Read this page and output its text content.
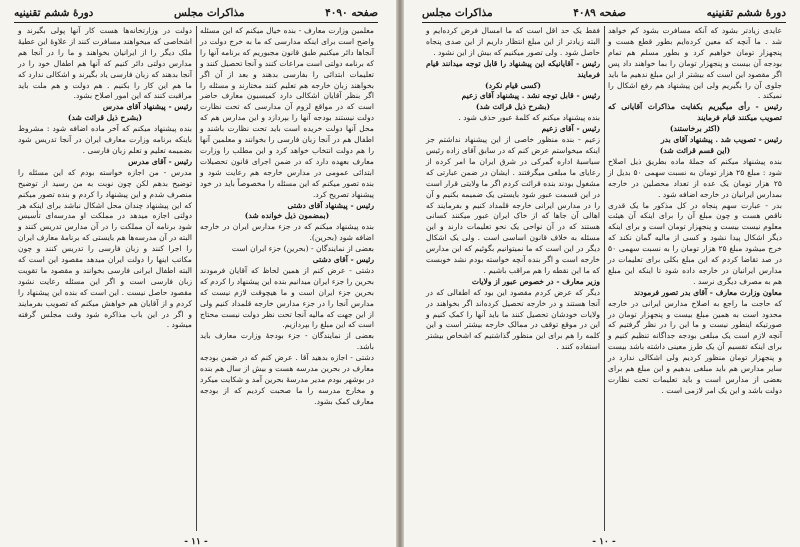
صفحه ۴۰۹۰
مذاکرات مجلس
دورهٔ ششم تقنینیه

معلمین وزارت معارف - بنده خیال میکنم که این مسئله واضح است برای اینکه مدارسی که ما به خرج دولت در آنجاها دائر میکنیم طبق قانون مجبوریم که برنامه آنها را که برنامه دولتی است مراعات کنند و آنجا تحصیل کنند و تعلیمات ابتدائی را بفارسی بدهند و بعد از آن اگر بخواهند زبان خارجه هم تعلیم کنند مختارند و مسئله را اگر بنظر آقایان اشکالی دارد کمیسیون معارف حاضر است که در مواقع لزوم آن مدارسی که تحت نظارت دولت نیستند بودجه آنها را بپردازد و این مدارس هم که محل آنها دولت خریده است باید تحت نظارت باشند و اطفال هم در آنجا زبان فارسی را بخوانند و معلمین آنها را هم دولت انتخاب خواهد کرد و این مطلب را وزارت معارف بعهده دارد که در ضمن اجرای قانون تحصیلات ابتدائی عمومی در مدارس خارجه هم رعایت شود و بنده تصور میکنم که این مسئله را مخصوصاً باید در خود پیشنهاد تصریح کرد.

رئیس - پیشنهاد آقای دشتی

(بمضمون ذیل خوانده شد)

بنده پیشنهاد میکنم که در جزء مدارس ایران در خارجه اضافه شود (بحرین).

بعضی از نمایندگان - (بحرین) جزء ایران است

رئیس - آقای دشتی

دشتی - عرض کنم از همین لحاظ که آقایان فرمودند بحرین را جزء ایران میدانیم بنده این پیشنهاد را کردم که بحرین جزء ایران است و ما هیچوقت لازم نیست که مدارس آنجا را در جزء مدارس خارجه قلمداد کنیم ولی از این جهت که مالیه آنجا تحت نظر دولت نیست محتاج است که این مبلغ را بپردازیم.

بعضی از نمایندگان - جزء بودجهٔ وزارت معارف باید باشد.

دشتی - اجازه بدهید آقا . عرض کنم که در ضمن بودجه معارف در بحرین مدرسه هست و بیش از سال هم بنده در بوشهر بودم مدیر مدرسهٔ بحرین آمد و شکایت میکرد و مخارج مدرسه را ما صحبت کردیم که از بودجه معارف کمک بشود.

دولت در وزارتخانه‌ها هست کار آنها پولی بگیرند و اشخاصی که میخواهند مسافرت کنند از علاوهٔ این عطیهٔ ملک دیگر را از ایرانیان بخواهند و ما را در آنجا هم مدارس دولتی دائر کنیم که آنها هم اطفال خود را در آنجا بدهند که زبان فارسی یاد بگیرند و اشکالی ندارد که ما هم این کار را بکنیم . هم دولت و هم ملت باید مراقبت کنند که این امور اصلاح بشود.

رئیس - پیشنهاد آقای مدرس

(بشرح ذیل قرائت شد)

بنده پیشنهاد میکنم که آخر ماده اضافه شود : مشروط باینکه برنامه وزارت معارف ایران در آنجا تدریس شود بضمیمه تعلیم و تعلم زبان فارسی .

رئیس - آقای مدرس

مدرس - من اجازه خواسته بودم که این مسئله را توضیح بدهم لکن چون نوبت به من رسید از توضیح منصرف شدم و این پیشنهاد را کردم و بنده تصور میکنم که این پیشنهاد چندان محل اشکال نباشد برای اینکه هر دولتی اجازه میدهد در مملکت او مدرسه‌ای تأسیس شود برنامه آن مملکت را در آن مدارس تدریس کنند و البته در آن مدرسه‌ها هم بایستی که برنامهٔ معارف ایران را اجرا کنند و زبان فارسی را تدریس کنند و چون مکاتب اینها را دولت ایران میدهد مقصود این است که البته اطفال ایرانی فارسی بخوانند و مقصود ما تقویت زبان فارسی است و اگر این مسئله رعایت نشود مقصود حاصل نیست . این است که بنده این پیشنهاد را کردم و از آقایان هم خواهش میکنم که تصویب بفرمایند و اگر در این باب مذاکره شود وقت مجلس گرفته میشود .

- ۱۱ -
دورهٔ ششم تقنینیه
صفحه ۴۰۸۹
مذاکرات مجلس

عایدی زیادتر بشود که آنکه مسافرت بشود کم خواهد شد . ما آنچه که معین کرده‌ایم بطور قطع هست و پنجهزار تومان خواهیم کرد و بطور مسلم هم تمام بودجه آن بیست و پنجهزار تومان را بما خواهند داد پس اگر مقصود این است که بیشتر از این مبلغ ندهیم ما باید جلوی آن را بگیریم ولی این پیشنهاد هم رفع اشکال را نمیکند .

رئیس - رأی میگیریم بکفایت مذاکرات آقایانی که تصویب میکنند قیام فرمایند

(اکثر برخاستند)

رئیس - تصویب شد . پیشنهاد آقای بدر

(این قسم قرائت شد)

بنده پیشنهاد میکنم که جملهٔ ماده بطریق ذیل اصلاح شود : مبلغ ۲۵ هزار تومان به نسبت سهمی ۵۰ بدیل از ۲۵ هزار تومان یک عده از تعداد محصلین در خارجه بمدارس ایرانیان در خارجه اضافه شود .

بدر - عبارت سهم پنجاه در کل مذکور ما یک قدری ناقص هست و چون مبلغ آن را برای اینکه آن هیئت معلوم نیست بیست و پنجهزار تومان است و برای اینکه دیگر اشکال پیدا نشود و کسی از مالیه گمان نکند که خرج میشود مبلغ ۲۵ هزار تومان را به نسبت سهمی ۵۰ در صد تقاضا کردم که این مبلغ بکلی برای تعلیمات در مدارس ایرانیان در خارجه داده شود تا اینکه این مبلغ هم به مصرف دیگری نرسد .

معاون وزارت معارف - آقای بدر تصور فرمودند

که حاجت ما راجع به اصلاح مدارس ایرانی در خارجه محدود است به همین مبلغ بیست و پنجهزار تومان در صورتیکه اینطور نیست و ما این را در نظر گرفتیم که آنچه لازم است یک مبلغی بودجه جداگانه تنظیم کنیم و برای اینکه تقسیم آن یک طرز معینی داشته باشد بیست و پنجهزار تومان منظور کردیم ولی اشکالی ندارد در سایر مدارس هم باید مبلغی بدهیم و این مبلغ هم برای بعضی از مدارس است و باید تعلیمات تحت نظارت دولت باشد و این یک امر لازمی است .

فقط یک حد اقل است که ما امسال فرض کرده‌ایم و البته زیادتر از این مبلغ انتظار داریم از این صدی پنجاه حاصل شود . ولی تصور میکنیم که بیش از این نشود .

رئیس - آقایانیکه این پیشنهاد را قابل توجه میدانند قیام فرمایند

(کسی قیام نکرد)

رئیس - قابل توجه نشد . پیشنهاد آقای زعیم

(بشرح ذیل قرائت شد)

بنده پیشنهاد میکنم که کلمهٔ عبور حذف شود .

رئیس - آقای زعیم

زعیم - بنده منظور خاصی از این پیشنهاد نداشتم جز اینکه میخواستم عرض کنم که در سابق آقای زاده رئیس سیاسیهٔ اداره گمرکی در شرق ایران ما امر کرده از رعایای ما مبلغی میگرفتند . ایشان در ضمن عبارتی که مشغول بودند بنده قرائت کردم اگر ما ولایتی قرار است در این قسمت عبور شود بایستی یک ضمیمه بکنیم و آن را در مدارس ایرانی خارجه قلمداد کنیم و بفرمایند که اهالی آن جاها که از خاک ایران عبور میکنند کسانی هستند که در آن نواحی یک نحو تعلیمات دارند و این مسئله به خلاف قانون اساسی است . ولی یک اشکال دیگر در این است که ما نمیتوانیم بگوئیم که این مدارس خارجه است و اگر بنده آنچه خواسته بودم نشد خوبست که ما این نقطه را هم مراقب باشیم .

وزیر معارف - در خصوص عبور از ولایات

دیگر که عرض کردم مقصود این بود که اطفالی که در آنجا هستند و در خارجه تحصیل کرده‌اند اگر بخواهند در ولایات خودشان تحصیل کنند ما باید آنها را کمک کنیم و این در موقع توقف در ممالک خارجه بیشتر است و این کلمه را هم برای این منظور گذاشتیم که اشخاص بیشتر استفاده کنند .

- ۱۰ -
